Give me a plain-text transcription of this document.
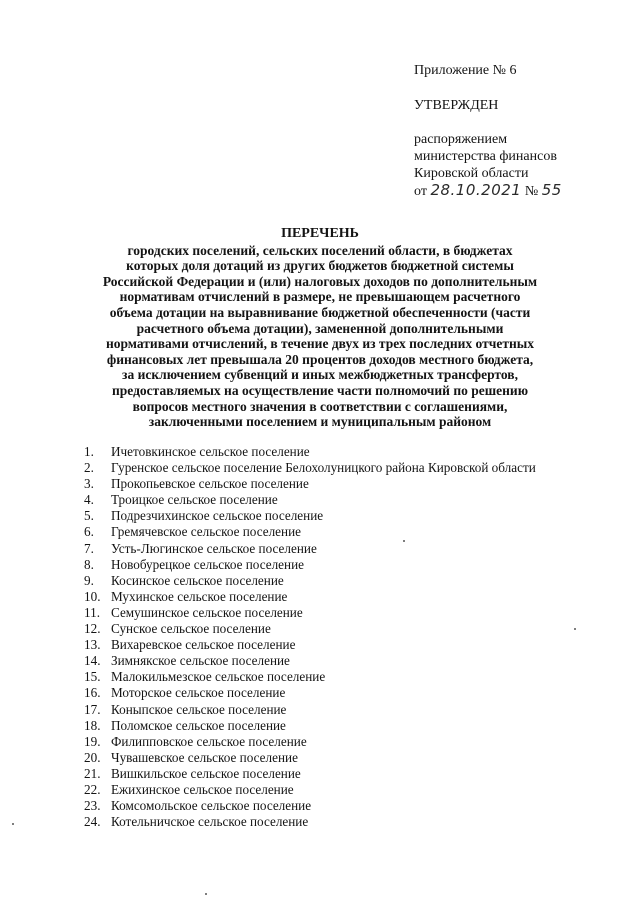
Приложение № 6
УТВЕРЖДЕН
распоряжением
министерства финансов
Кировской области
от 28.10.2021 № 55
ПЕРЕЧЕНЬ
городских поселений, сельских поселений области, в бюджетах
которых доля дотаций из других бюджетов бюджетной системы
Российской Федерации и (или) налоговых доходов по дополнительным
нормативам отчислений в размере, не превышающем расчетного
объема дотации на выравнивание бюджетной обеспеченности (части
расчетного объема дотации), замененной дополнительными
нормативами отчислений, в течение двух из трех последних отчетных
финансовых лет превышала 20 процентов доходов местного бюджета,
за исключением субвенций и иных межбюджетных трансфертов,
предоставляемых на осуществление части полномочий по решению
вопросов местного значения в соответствии с соглашениями,
заключенными поселением и муниципальным районом
1. Ичетовкинское сельское поселение
2. Гуренское сельское поселение Белохолуницкого района Кировской области
3. Прокопьевское сельское поселение
4. Троицкое сельское поселение
5. Подрезчихинское сельское поселение
6. Гремячевское сельское поселение
7. Усть-Люгинское сельское поселение
8. Новобурецкое сельское поселение
9. Косинское сельское поселение
10. Мухинское сельское поселение
11. Семушинское сельское поселение
12. Сунское сельское поселение
13. Вихаревское сельское поселение
14. Зимнякское сельское поселение
15. Малокильмезское сельское поселение
16. Моторское сельское поселение
17. Коныпское сельское поселение
18. Поломское сельское поселение
19. Филипповское сельское поселение
20. Чувашевское сельское поселение
21. Вишкильское сельское поселение
22. Ежихинское сельское поселение
23. Комсомольское сельское поселение
24. Котельничское сельское поселение
